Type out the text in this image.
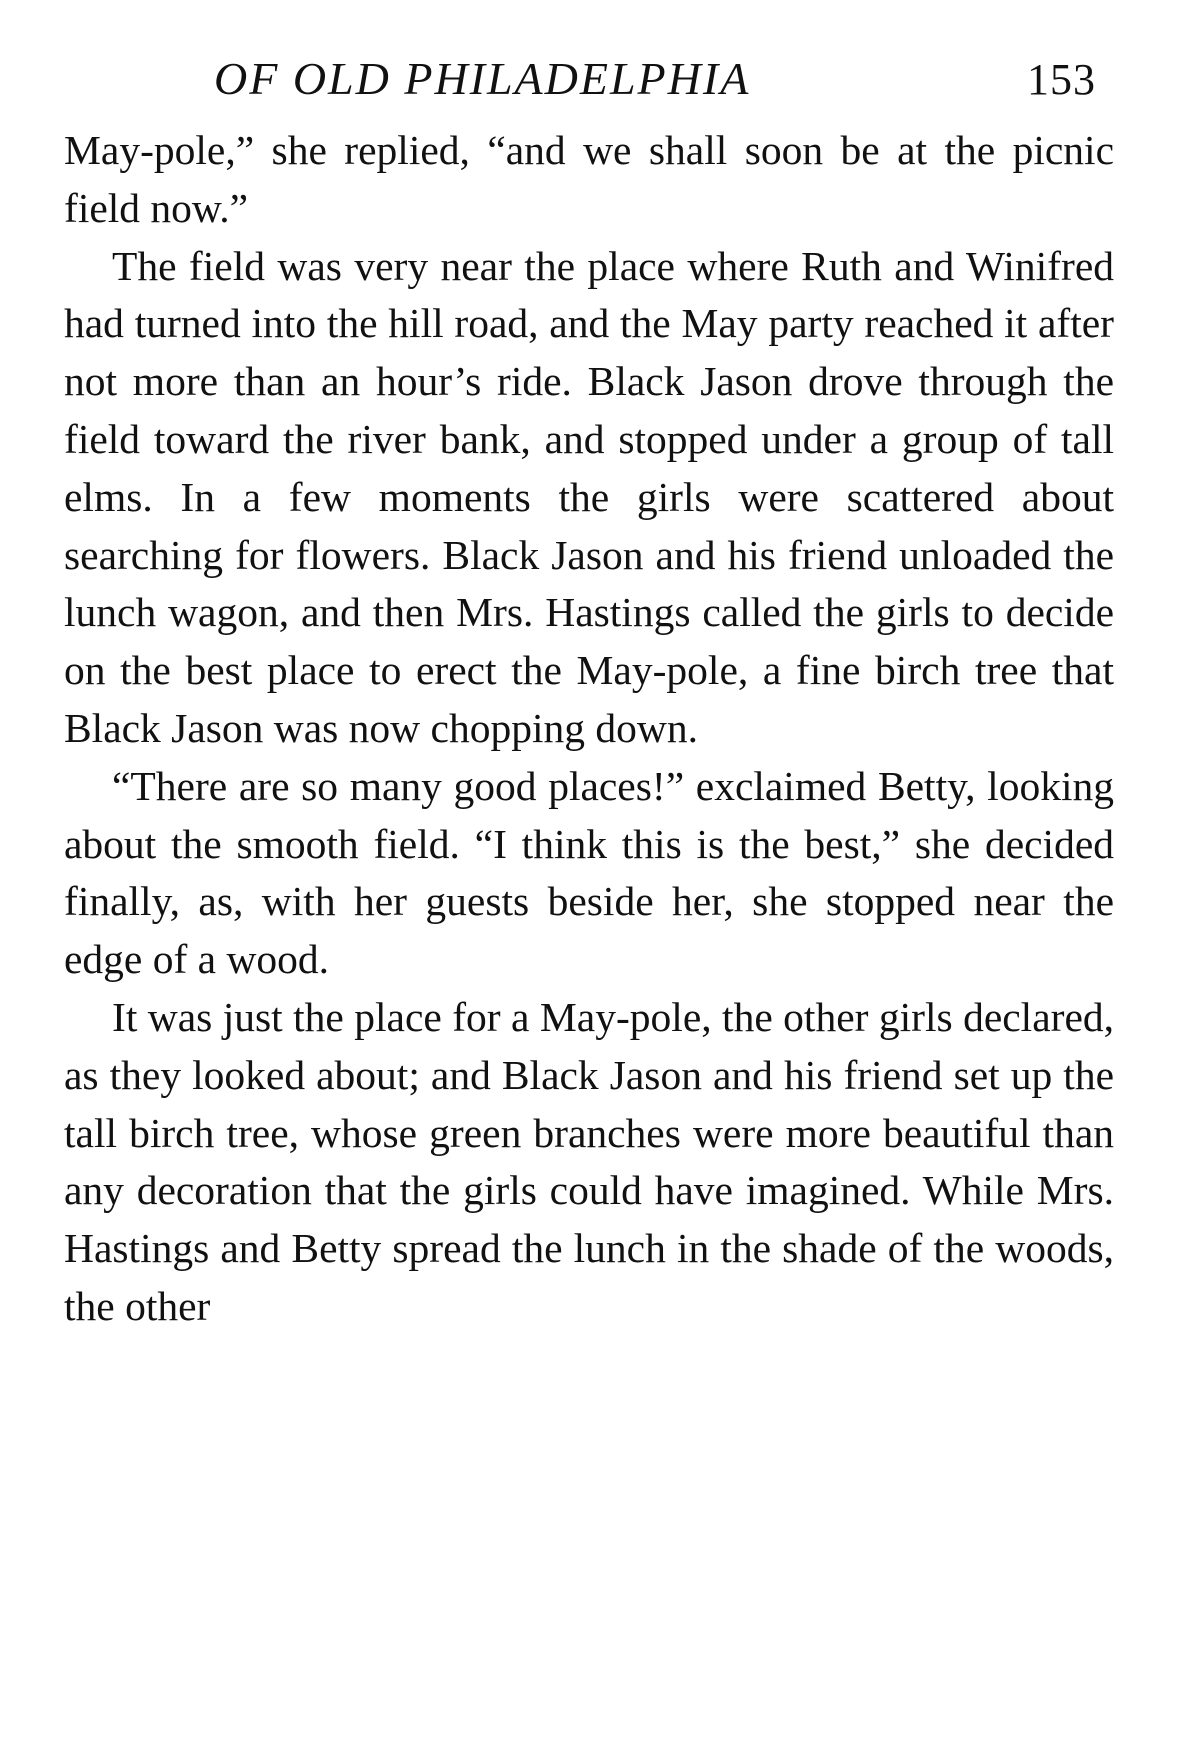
OF OLD PHILADELPHIA	153

May-pole,” she replied, “and we shall soon be at the picnic field now.”

The field was very near the place where Ruth and Winifred had turned into the hill road, and the May party reached it after not more than an hour’s ride. Black Jason drove through the field toward the river bank, and stopped under a group of tall elms. In a few moments the girls were scattered about searching for flowers. Black Jason and his friend unloaded the lunch wagon, and then Mrs. Hastings called the girls to decide on the best place to erect the May-pole, a fine birch tree that Black Jason was now chopping down.

“There are so many good places!” exclaimed Betty, looking about the smooth field. “I think this is the best,” she decided finally, as, with her guests beside her, she stopped near the edge of a wood.

It was just the place for a May-pole, the other girls declared, as they looked about; and Black Jason and his friend set up the tall birch tree, whose green branches were more beautiful than any decoration that the girls could have imagined. While Mrs. Hastings and Betty spread the lunch in the shade of the woods, the other
